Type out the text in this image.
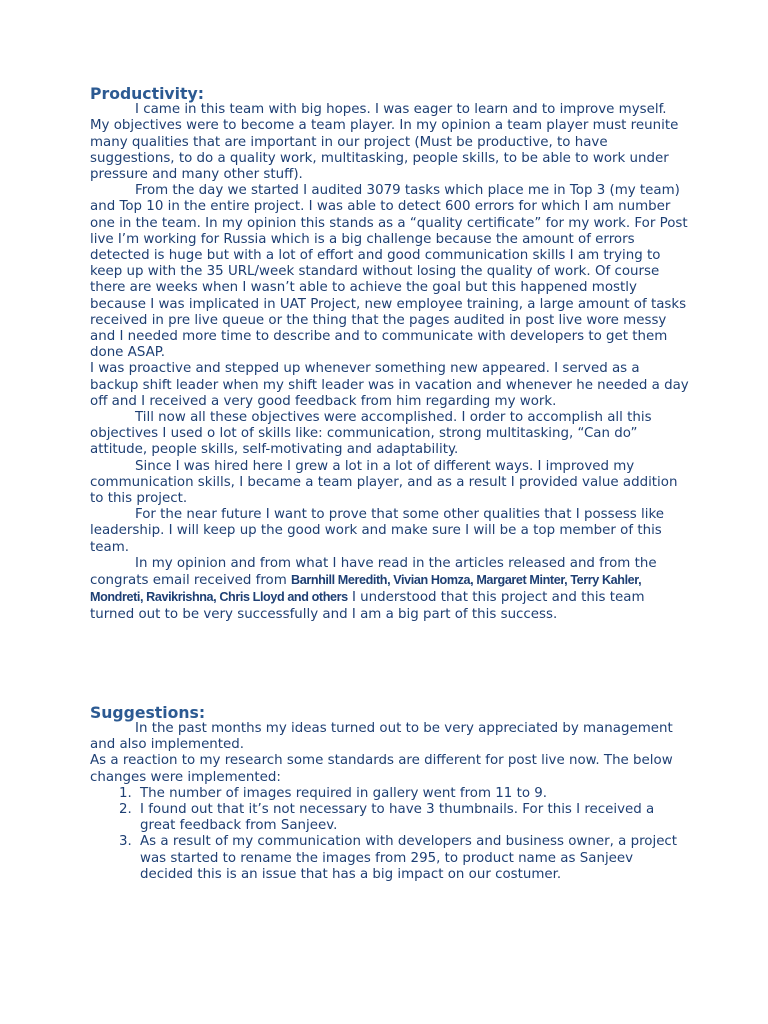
Productivity:

I came in this team with big hopes. I was eager to learn and to improve myself.

My objectives were to become a team player. In my opinion a team player must reunite many qualities that are important in our project (Must be productive, to have suggestions, to do a quality work, multitasking, people skills, to be able to work under pressure and many other stuff).

From the day we started I audited 3079 tasks which place me in Top 3 (my team) and Top 10 in the entire project. I was able to detect 600 errors for which I am number one in the team. In my opinion this stands as a “quality certificate” for my work. For Post live I’m working for Russia which is a big challenge because the amount of errors detected is huge but with a lot of effort and good communication skills I am trying to keep up with the 35 URL/week standard without losing the quality of work. Of course there are weeks when I wasn’t able to achieve the goal but this happened mostly because I was implicated in UAT Project, new employee training, a large amount of tasks received in pre live queue or the thing that the pages audited in post live wore messy and I needed more time to describe and to communicate with developers to get them done ASAP.

I was proactive and stepped up whenever something new appeared. I served as a backup shift leader when my shift leader was in vacation and whenever he needed a day off and I received a very good feedback from him regarding my work.

Till now all these objectives were accomplished. I order to accomplish all this objectives I used o lot of skills like: communication, strong multitasking, “Can do” attitude, people skills, self-motivating and adaptability.

Since I was hired here I grew a lot in a lot of different ways. I improved my communication skills, I became a team player, and as a result I provided value addition to this project.

For the near future I want to prove that some other qualities that I possess like leadership. I will keep up the good work and make sure I will be a top member of this team.

In my opinion and from what I have read in the articles released and from the congrats email received from Barnhill Meredith, Vivian Homza, Margaret Minter, Terry Kahler, Mondreti, Ravikrishna, Chris Lloyd and others I understood that this project and this team turned out to be very successfully and I am a big part of this success.

Suggestions:

In the past months my ideas turned out to be very appreciated by management and also implemented.

As a reaction to my research some standards are different for post live now. The below changes were implemented:

1. The number of images required in gallery went from 11 to 9.
2. I found out that it’s not necessary to have 3 thumbnails. For this I received a great feedback from Sanjeev.
3. As a result of my communication with developers and business owner, a project was started to rename the images from 295, to product name as Sanjeev decided this is an issue that has a big impact on our costumer.
